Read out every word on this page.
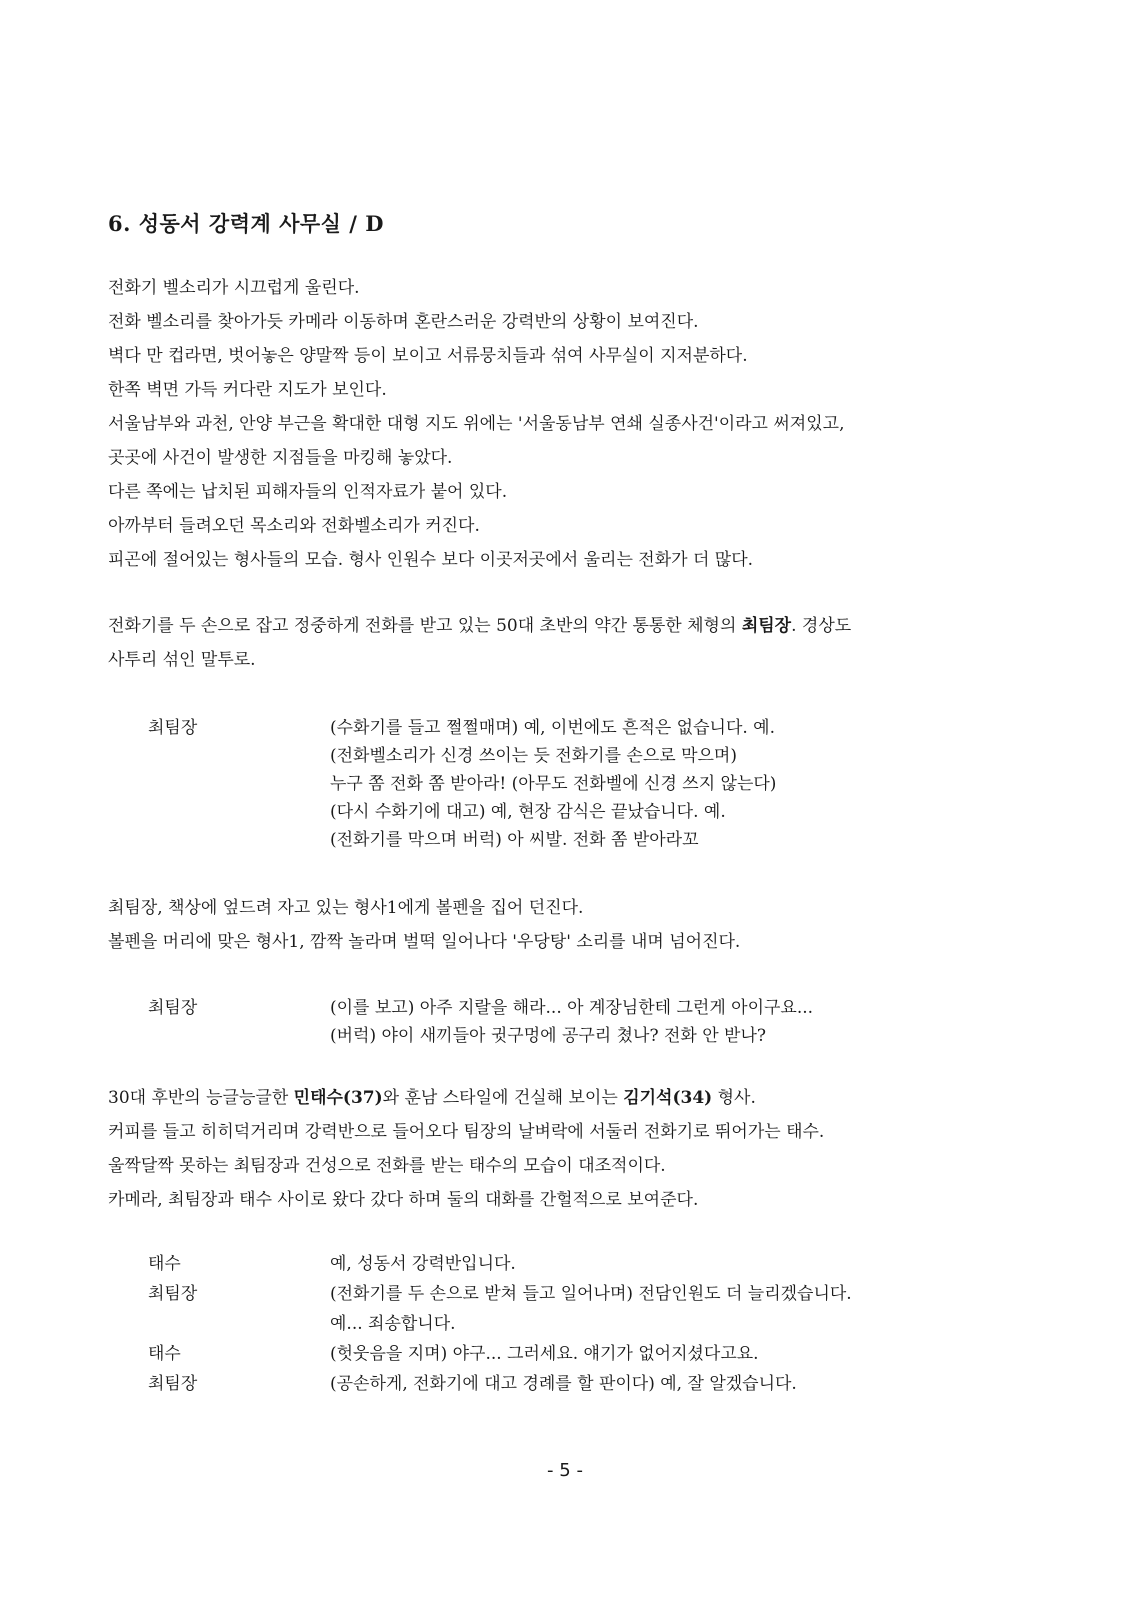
6. 성동서 강력계 사무실 / D
전화기 벨소리가 시끄럽게 울린다.
전화 벨소리를 찾아가듯 카메라 이동하며 혼란스러운 강력반의 상황이 보여진다.
벽다 만 컵라면, 벗어놓은 양말짝 등이 보이고 서류뭉치들과 섞여 사무실이 지저분하다.
한쪽 벽면 가득 커다란 지도가 보인다.
서울남부와 과천, 안양 부근을 확대한 대형 지도 위에는 '서울동남부 연쇄 실종사건'이라고 써져있고,
곳곳에 사건이 발생한 지점들을 마킹해 놓았다.
다른 쪽에는 납치된 피해자들의 인적자료가 붙어 있다.
아까부터 들려오던 목소리와 전화벨소리가 커진다.
피곤에 절어있는 형사들의 모습. 형사 인원수 보다 이곳저곳에서 울리는 전화가 더 많다.
전화기를 두 손으로 잡고 정중하게 전화를 받고 있는 50대 초반의 약간 통통한 체형의 최팀장. 경상도
사투리 섞인 말투로.
최팀장	(수화기를 들고 쩔쩔매며) 예, 이번에도 흔적은 없습니다. 예.
(전화벨소리가 신경 쓰이는 듯 전화기를 손으로 막으며)
누구 쫌 전화 쫌 받아라! (아무도 전화벨에 신경 쓰지 않는다)
(다시 수화기에 대고) 예, 현장 감식은 끝났습니다. 예.
(전화기를 막으며 버럭) 아 씨발. 전화 쫌 받아라꼬
최팀장, 책상에 엎드려 자고 있는 형사1에게 볼펜을 집어 던진다.
볼펜을 머리에 맞은 형사1, 깜짝 놀라며 벌떡 일어나다 '우당탕' 소리를 내며 넘어진다.
최팀장	(이를 보고) 아주 지랄을 해라... 아 계장님한테 그런게 아이구요...
(버럭) 야이 새끼들아 귓구멍에 공구리 쳤나? 전화 안 받나?
30대 후반의 능글능글한 민태수(37)와 훈남 스타일에 건실해 보이는 김기석(34) 형사.
커피를 들고 히히덕거리며 강력반으로 들어오다 팀장의 날벼락에 서둘러 전화기로 뛰어가는 태수.
울짝달짝 못하는 최팀장과 건성으로 전화를 받는 태수의 모습이 대조적이다.
카메라, 최팀장과 태수 사이로 왔다 갔다 하며 둘의 대화를 간헐적으로 보여준다.
태수	예, 성동서 강력반입니다.
최팀장	(전화기를 두 손으로 받쳐 들고 일어나며) 전담인원도 더 늘리겠습니다.
예... 죄송합니다.
태수	(헛웃음을 지며) 야구... 그러세요. 얘기가 없어지셨다고요.
최팀장	(공손하게, 전화기에 대고 경례를 할 판이다) 예, 잘 알겠습니다.
- 5 -
